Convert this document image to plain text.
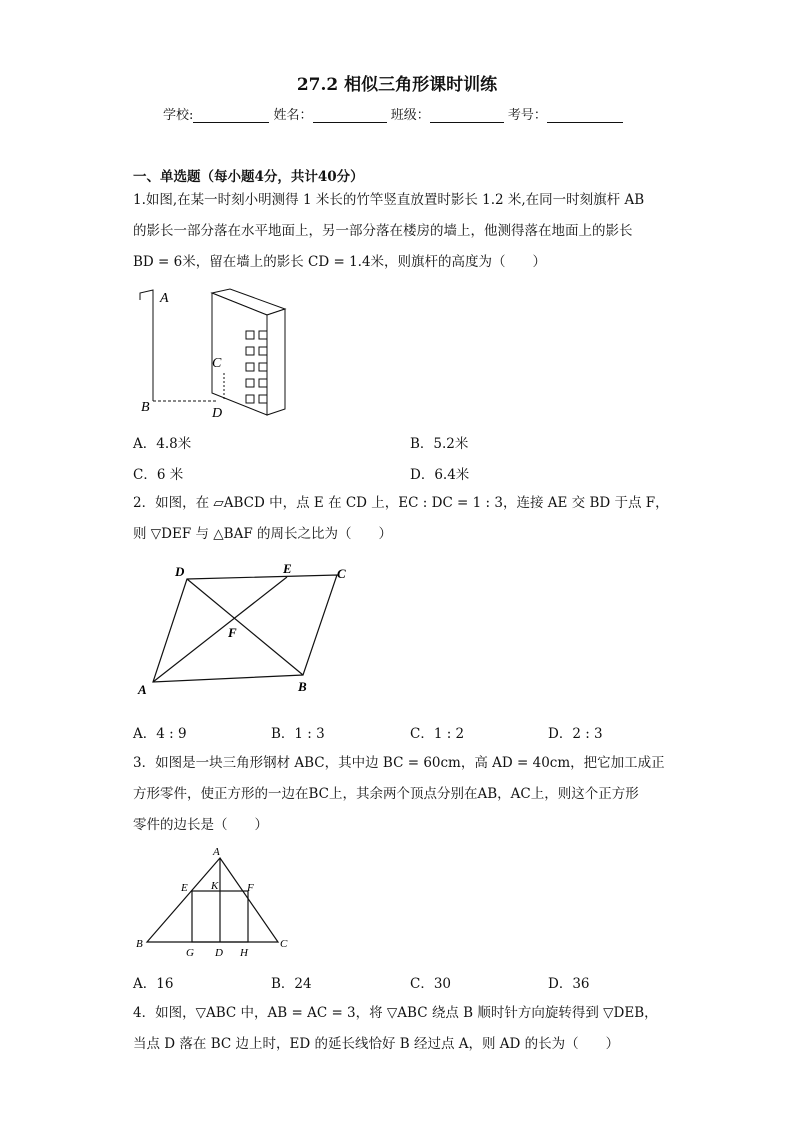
27.2 相似三角形课时训练
学校:	姓名：	班级：	考号：
一、单选题（每小题4分，共计40分）
1.如图,在某一时刻小明测得 1 米长的竹竿竖直放置时影长 1.2 米,在同一时刻旗杆 AB
的影长一部分落在水平地面上，另一部分落在楼房的墙上，他测得落在地面上的影长
BD = 6米，留在墙上的影长 CD = 1.4米，则旗杆的高度为（　　）
A
B
C
D
A．4.8米	B．5.2米
C．6 米	D．6.4米
2．如图，在 ▱ABCD 中，点 E 在 CD 上，EC : DC = 1 : 3，连接 AE 交 BD 于点 F，
则 ▽DEF 与 △BAF 的周长之比为（　　）
D	E	C
F
A	B
A．4 : 9	B．1 : 3	C．1 : 2	D．2 : 3
3．如图是一块三角形钢材 ABC，其中边 BC = 60cm，高 AD = 40cm，把它加工成正
方形零件，使正方形的一边在BC上，其余两个顶点分别在AB，AC上，则这个正方形
零件的边长是（　　）
A
E K	F
B
G D H
C
A．16	B．24	C．30	D．36
4．如图，▽ABC 中，AB = AC = 3，将 ▽ABC 绕点 B 顺时针方向旋转得到 ▽DEB，
当点 D 落在 BC 边上时，ED 的延长线恰好 B 经过点 A，则 AD 的长为（　　）
